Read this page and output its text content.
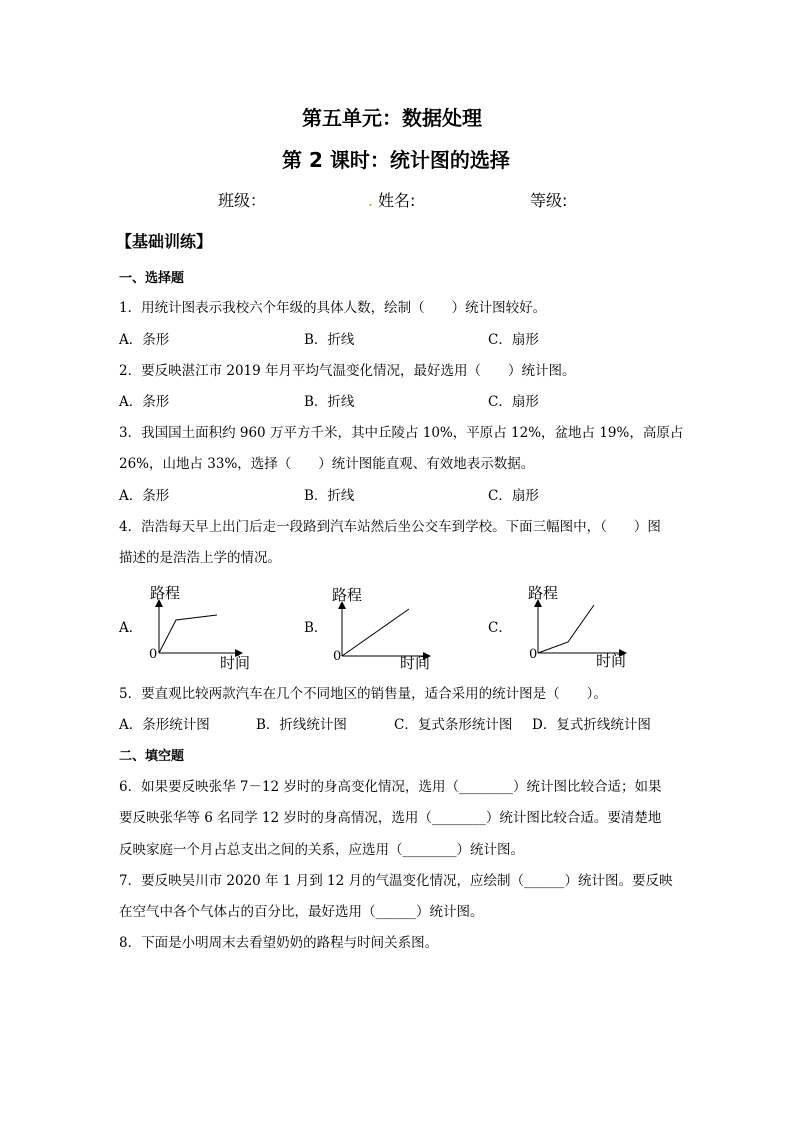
第五单元：数据处理
第 2 课时：统计图的选择
班级：	. 姓名:	等级:
【基础训练】
一、选择题
1．用统计图表示我校六个年级的具体人数，绘制（　　）统计图较好。
A．条形	B．折线	C．扇形
2．要反映湛江市 2019 年月平均气温变化情况，最好选用（　　）统计图。
A．条形	B．折线	C．扇形
3．我国国土面积约 960 万平方千米，其中丘陵占 10%，平原占 12%，盆地占 19%，高原占
26%，山地占 33%，选择（　　）统计图能直观、有效地表示数据。
A．条形	B．折线	C．扇形
4．浩浩每天早上出门后走一段路到汽车站然后坐公交车到学校。下面三幅图中，（　　）图
描述的是浩浩上学的情况。
A．
路程
0	时间
B．
路程
0	时间
C．
路程
0	时间
5．要直观比较两款汽车在几个不同地区的销售量，适合采用的统计图是（　　）。
A．条形统计图	B．折线统计图	C．复式条形统计图 D．复式折线统计图
二、填空题
6．如果要反映张华 7－12 岁时的身高变化情况，选用（________）统计图比较合适；如果
要反映张华等 6 名同学 12 岁时的身高情况，选用（________）统计图比较合适。要清楚地
反映家庭一个月占总支出之间的关系，应选用（________）统计图。
7．要反映吴川市 2020 年 1 月到 12 月的气温变化情况，应绘制（______）统计图。要反映
在空气中各个气体占的百分比，最好选用（______）统计图。
8．下面是小明周末去看望奶奶的路程与时间关系图。
